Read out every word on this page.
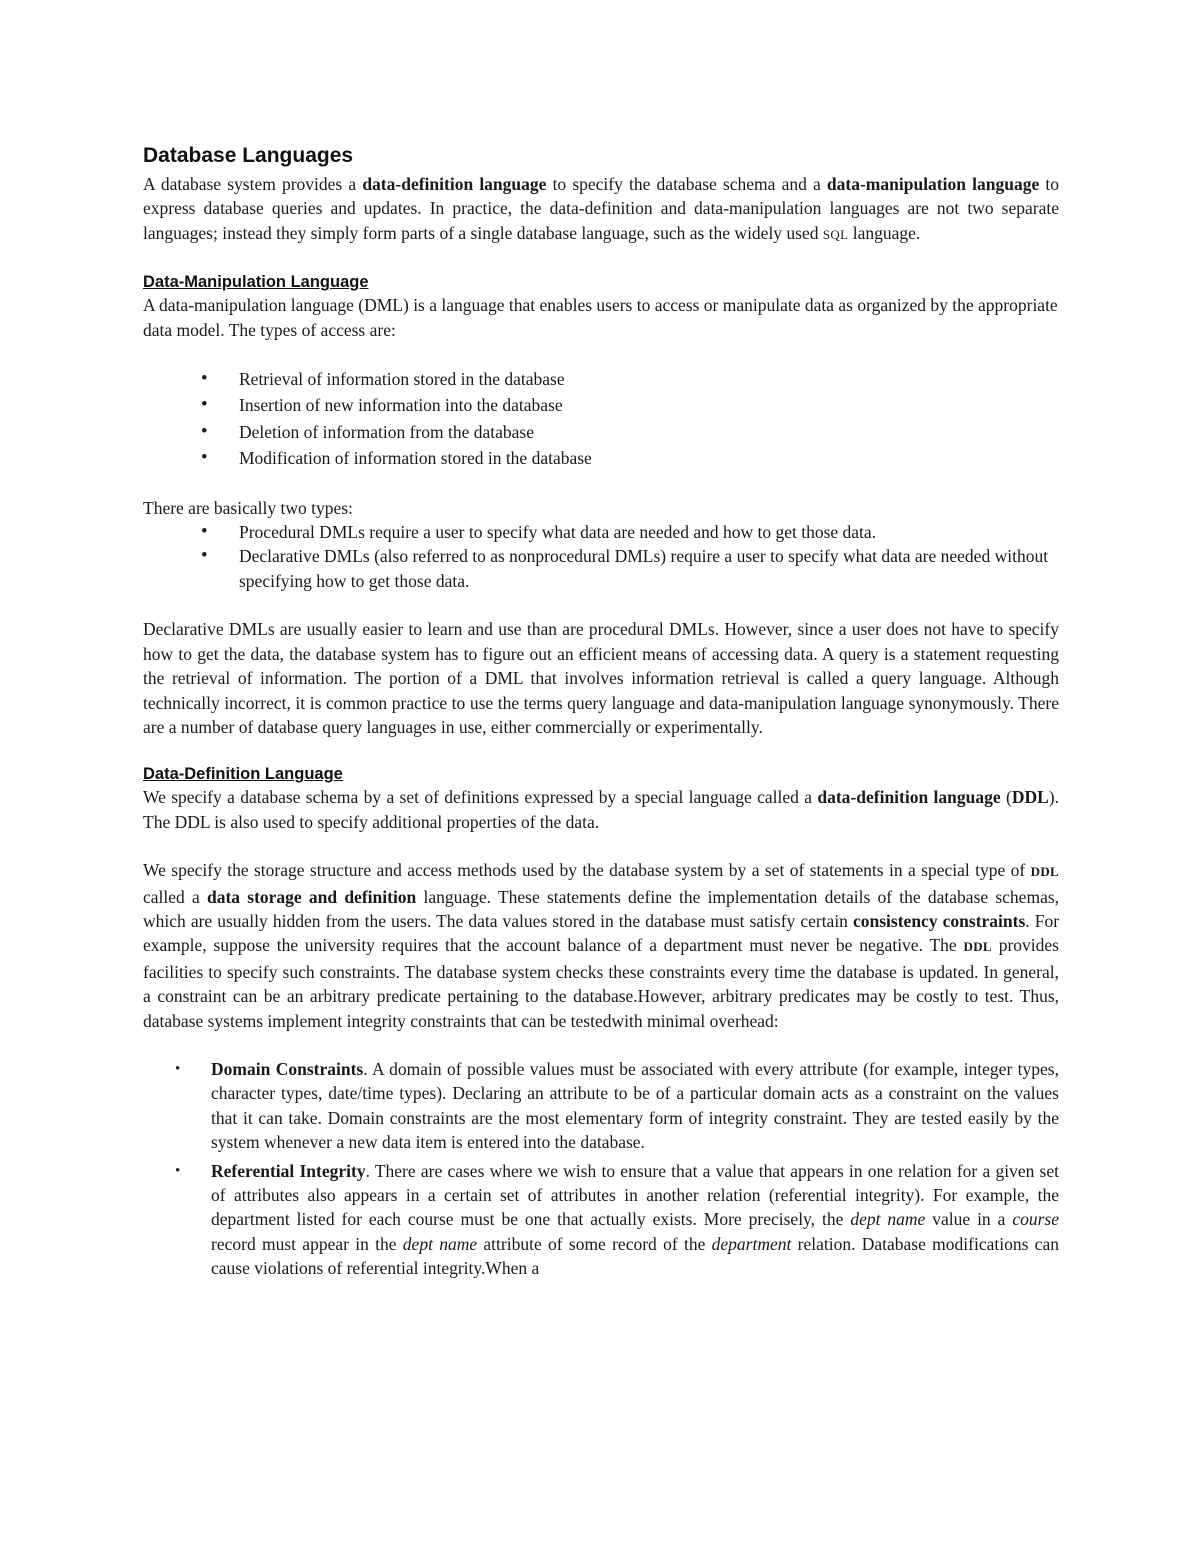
Database Languages

A database system provides a data-definition language to specify the database schema and a data-manipulation language to express database queries and updates. In practice, the data-definition and data-manipulation languages are not two separate languages; instead they simply form parts of a single database language, such as the widely used SQL language.

Data-Manipulation Language

A data-manipulation language (DML) is a language that enables users to access or manipulate data as organized by the appropriate data model. The types of access are:

• Retrieval of information stored in the database
• Insertion of new information into the database
• Deletion of information from the database
• Modification of information stored in the database

There are basically two types:

• Procedural DMLs require a user to specify what data are needed and how to get those data.
• Declarative DMLs (also referred to as nonprocedural DMLs) require a user to specify what data are needed without specifying how to get those data.

Declarative DMLs are usually easier to learn and use than are procedural DMLs. However, since a user does not have to specify how to get the data, the database system has to figure out an efficient means of accessing data. A query is a statement requesting the retrieval of information. The portion of a DML that involves information retrieval is called a query language. Although technically incorrect, it is common practice to use the terms query language and data-manipulation language synonymously. There are a number of database query languages in use, either commercially or experimentally.

Data-Definition Language

We specify a database schema by a set of definitions expressed by a special language called a data-definition language (DDL). The DDL is also used to specify additional properties of the data.

We specify the storage structure and access methods used by the database system by a set of statements in a special type of DDL called a data storage and definition language. These statements define the implementation details of the database schemas, which are usually hidden from the users. The data values stored in the database must satisfy certain consistency constraints. For example, suppose the university requires that the account balance of a department must never be negative. The DDL provides facilities to specify such constraints. The database system checks these constraints every time the database is updated. In general, a constraint can be an arbitrary predicate pertaining to the database.However, arbitrary predicates may be costly to test. Thus, database systems implement integrity constraints that can be testedwith minimal overhead:

• Domain Constraints. A domain of possible values must be associated with every attribute (for example, integer types, character types, date/time types). Declaring an attribute to be of a particular domain acts as a constraint on the values that it can take. Domain constraints are the most elementary form of integrity constraint. They are tested easily by the system whenever a new data item is entered into the database.
• Referential Integrity. There are cases where we wish to ensure that a value that appears in one relation for a given set of attributes also appears in a certain set of attributes in another relation (referential integrity). For example, the department listed for each course must be one that actually exists. More precisely, the dept name value in a course record must appear in the dept name attribute of some record of the department relation. Database modifications can cause violations of referential integrity.When a
